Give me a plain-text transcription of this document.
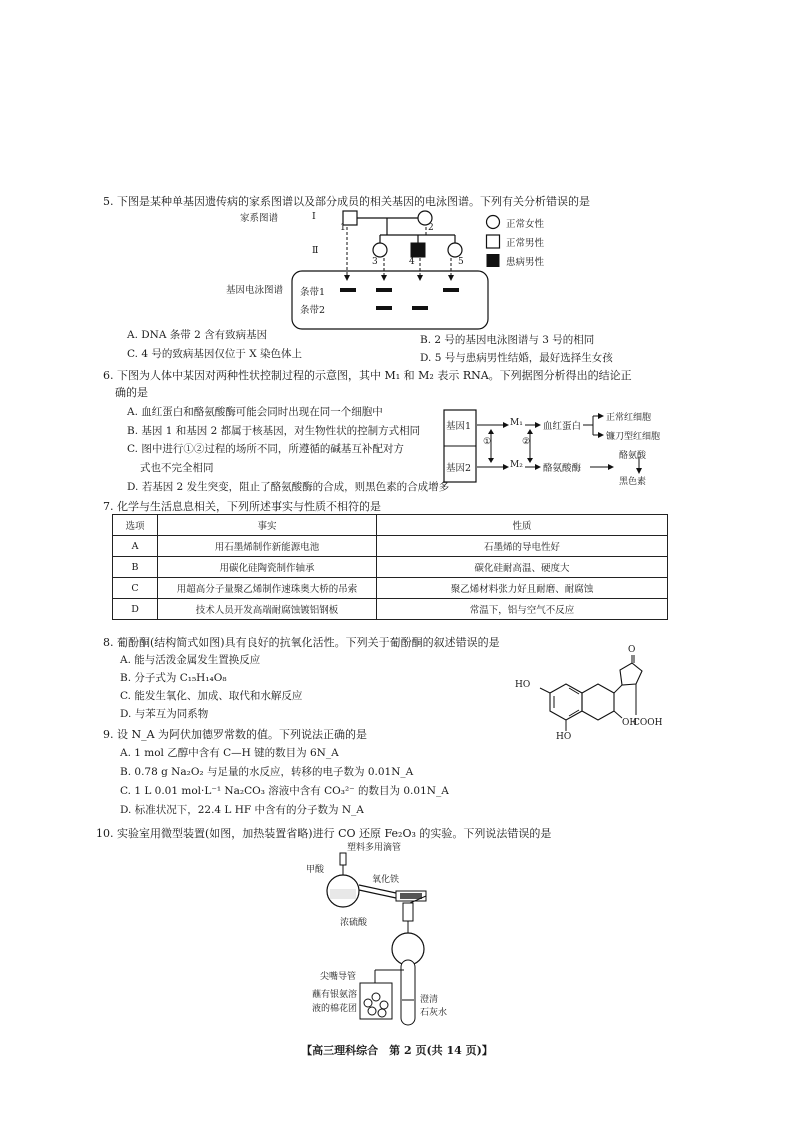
5. 下图是某种单基因遗传病的家系图谱以及部分成员的相关基因的电泳图谱。下列有关分析错误的是
家系图谱	Ⅰ
Ⅱ
1	2
3	4	5
基因电泳图谱 条带1
条带2
正常女性
正常男性
患病男性
A. DNA 条带 2 含有致病基因	B. 2 号的基因电泳图谱与 3 号的相同
C. 4 号的致病基因仅位于 X 染色体上	D. 5 号与患病男性结婚，最好选择生女孩
6. 下图为人体中某因对两种性状控制过程的示意图，其中 M₁ 和 M₂ 表示 RNA。下列据图分析得出的结论正
确的是
A. 血红蛋白和酪氨酸酶可能会同时出现在同一个细胞中
B. 基因 1 和基因 2 都属于核基因，对生物性状的控制方式相同
C. 图中进行①②过程的场所不同，所遵循的碱基互补配对方
式也不完全相同
D. 若基因 2 发生突变，阻止了酪氨酸酶的合成，则黑色素的合成增多
基因1
基因2
M₁
M₂
①	②
血红蛋白
酪氨酸酶
正常红细胞
镰刀型红细胞
酪氨酸
黑色素
7. 化学与生活息息相关，下列所述事实与性质不相符的是
选项	事实	性质
A	用石墨烯制作新能源电池	石墨烯的导电性好
B	用碳化硅陶瓷制作轴承	碳化硅耐高温、硬度大
C	用超高分子量聚乙烯制作速珠奥大桥的吊索	聚乙烯材料张力好且耐磨、耐腐蚀
D	技术人员开发高端耐腐蚀镀铝钢板	常温下，铝与空气不反应
8. 葡酚酮(结构简式如图)具有良好的抗氧化活性。下列关于葡酚酮的叙述错误的是
A. 能与活泼金属发生置换反应
B. 分子式为 C₁₅H₁₄O₈
C. 能发生氧化、加成、取代和水解反应
D. 与苯互为同系物
HO
HO
OH
COOH
O
9. 设 N_A 为阿伏加德罗常数的值。下列说法正确的是
A. 1 mol 乙醇中含有 C—H 键的数目为 6N_A
B. 0.78 g Na₂O₂ 与足量的水反应，转移的电子数为 0.01N_A
C. 1 L 0.01 mol·L⁻¹ Na₂CO₃ 溶液中含有 CO₃²⁻ 的数目为 0.01N_A
D. 标准状况下，22.4 L HF 中含有的分子数为 N_A
10. 实验室用微型装置(如图，加热装置省略)进行 CO 还原 Fe₂O₃ 的实验。下列说法错误的是
塑料多用滴管
甲酸
氧化铁
浓硫酸
尖嘴导管
蘸有银氨溶
液的棉花团
澄清
石灰水
【高三理科综合　第 2 页(共 14 页)】
